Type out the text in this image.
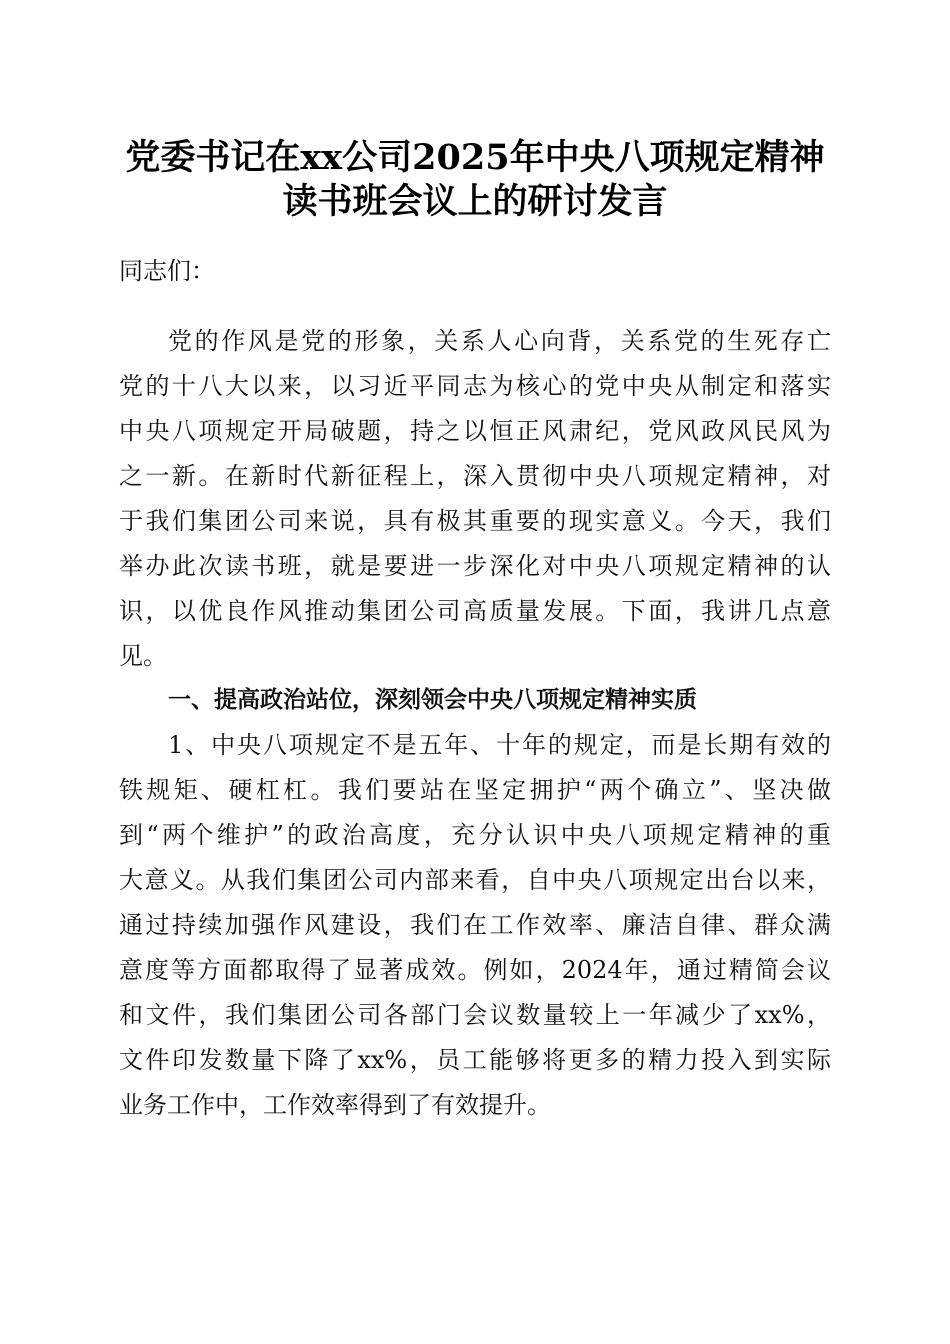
党委书记在xx公司2025年中央八项规定精神
读书班会议上的研讨发言
同志们：
党的作风是党的形象，关系人心向背，关系党的生死存亡
党的十八大以来，以习近平同志为核心的党中央从制定和落实
中央八项规定开局破题，持之以恒正风肃纪，党风政风民风为
之一新。在新时代新征程上，深入贯彻中央八项规定精神，对
于我们集团公司来说，具有极其重要的现实意义。今天，我们
举办此次读书班，就是要进一步深化对中央八项规定精神的认
识，以优良作风推动集团公司高质量发展。下面，我讲几点意
见。
一、提高政治站位，深刻领会中央八项规定精神实质
1、中央八项规定不是五年、十年的规定，而是长期有效的
铁规矩、硬杠杠。我们要站在坚定拥护“两个确立”、坚决做
到“两个维护”的政治高度，充分认识中央八项规定精神的重
大意义。从我们集团公司内部来看，自中央八项规定出台以来，
通过持续加强作风建设，我们在工作效率、廉洁自律、群众满
意度等方面都取得了显著成效。例如，2024年，通过精简会议
和文件，我们集团公司各部门会议数量较上一年减少了xx%，
文件印发数量下降了xx%，员工能够将更多的精力投入到实际
业务工作中，工作效率得到了有效提升。
